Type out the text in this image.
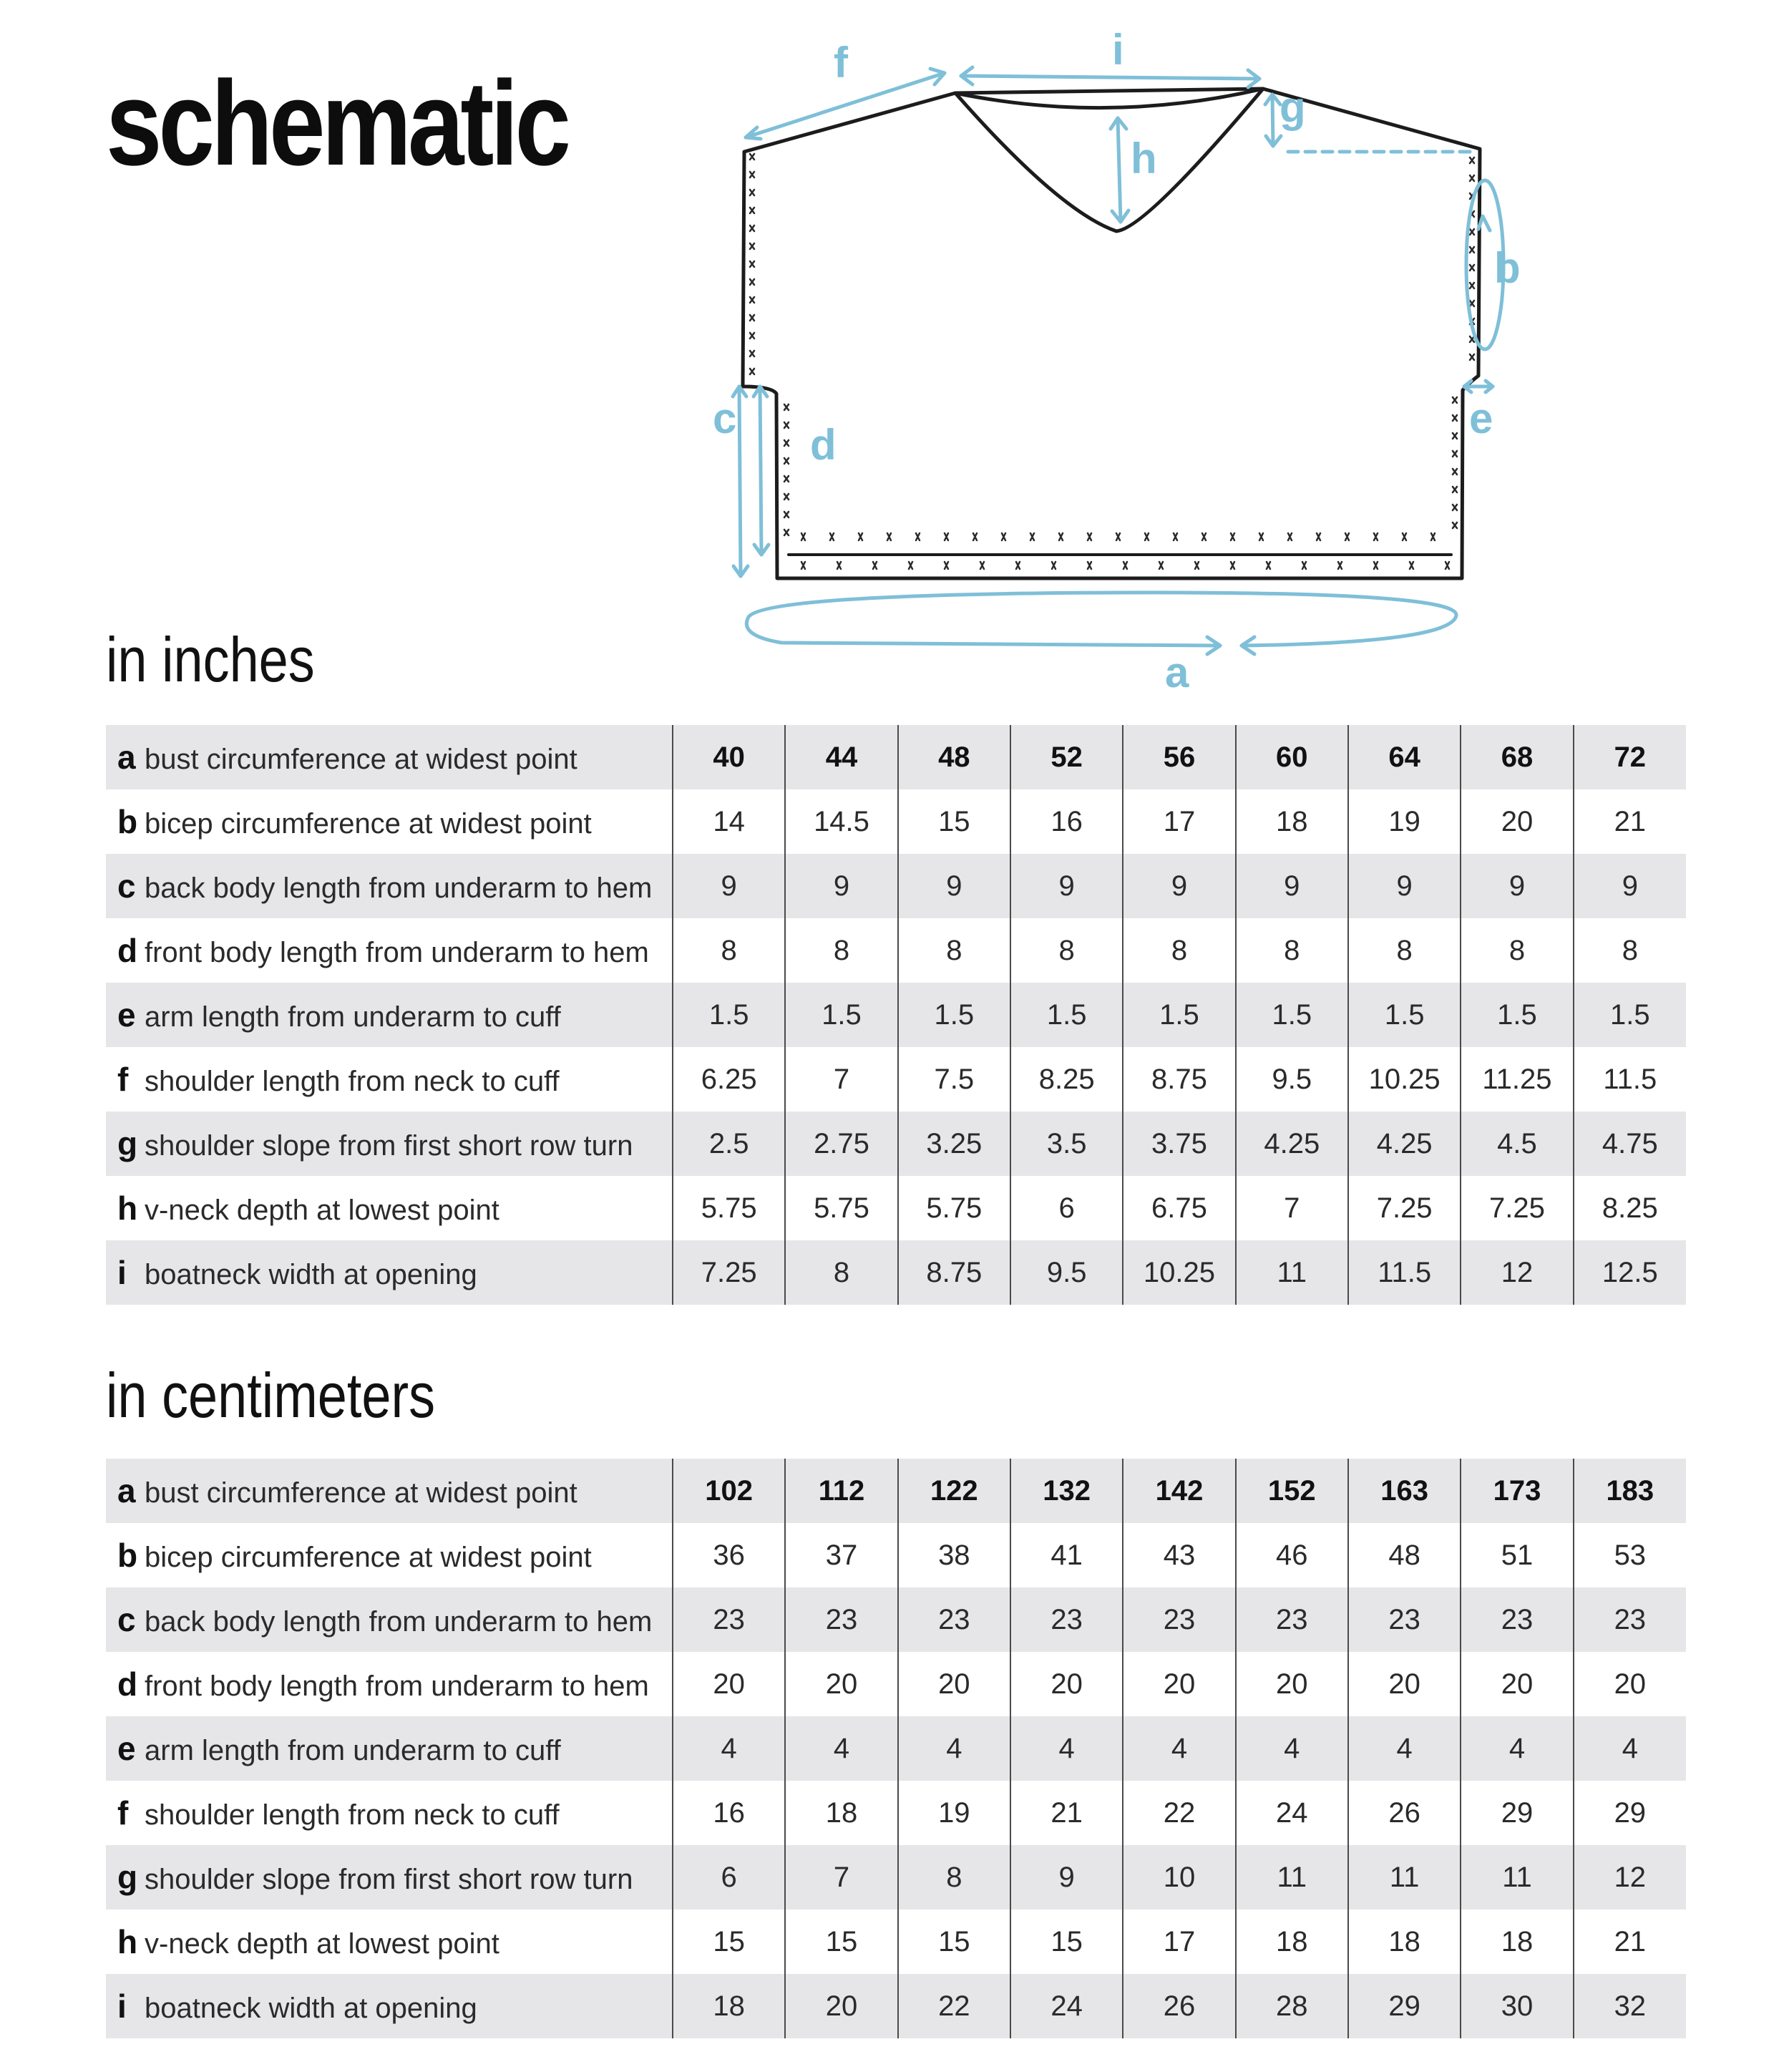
schematic	f	i
h
g
b
e
c
d
a
in inches
a bust circumference at widest point	40	44	48	52	56	60	64	68	72
b bicep circumference at widest point	14	14.5	15	16	17	18	19	20	21
c back body length from underarm to hem	9	9	9	9	9	9	9	9	9
d front body length from underarm to hem	8	8	8	8	8	8	8	8	8
e arm length from underarm to cuff	1.5	1.5	1.5	1.5	1.5	1.5	1.5	1.5	1.5
f shoulder length from neck to cuff	6.25	7	7.5	8.25	8.75	9.5	10.25	11.25	11.5
g shoulder slope from first short row turn	2.5	2.75	3.25	3.5	3.75	4.25	4.25	4.5	4.75
h v-neck depth at lowest point	5.75	5.75	5.75	6	6.75	7	7.25	7.25	8.25
i boatneck width at opening	7.25	8	8.75	9.5	10.25	11	11.5	12	12.5
in centimeters
a bust circumference at widest point	102	112	122	132	142	152	163	173	183
b bicep circumference at widest point	36	37	38	41	43	46	48	51	53
c back body length from underarm to hem	23	23	23	23	23	23	23	23	23
d front body length from underarm to hem	20	20	20	20	20	20	20	20	20
e arm length from underarm to cuff	4	4	4	4	4	4	4	4	4
f shoulder length from neck to cuff	16	18	19	21	22	24	26	29	29
g shoulder slope from first short row turn	6	7	8	9	10	11	11	11	12
h v-neck depth at lowest point	15	15	15	15	17	18	18	18	21
i boatneck width at opening	18	20	22	24	26	28	29	30	32
